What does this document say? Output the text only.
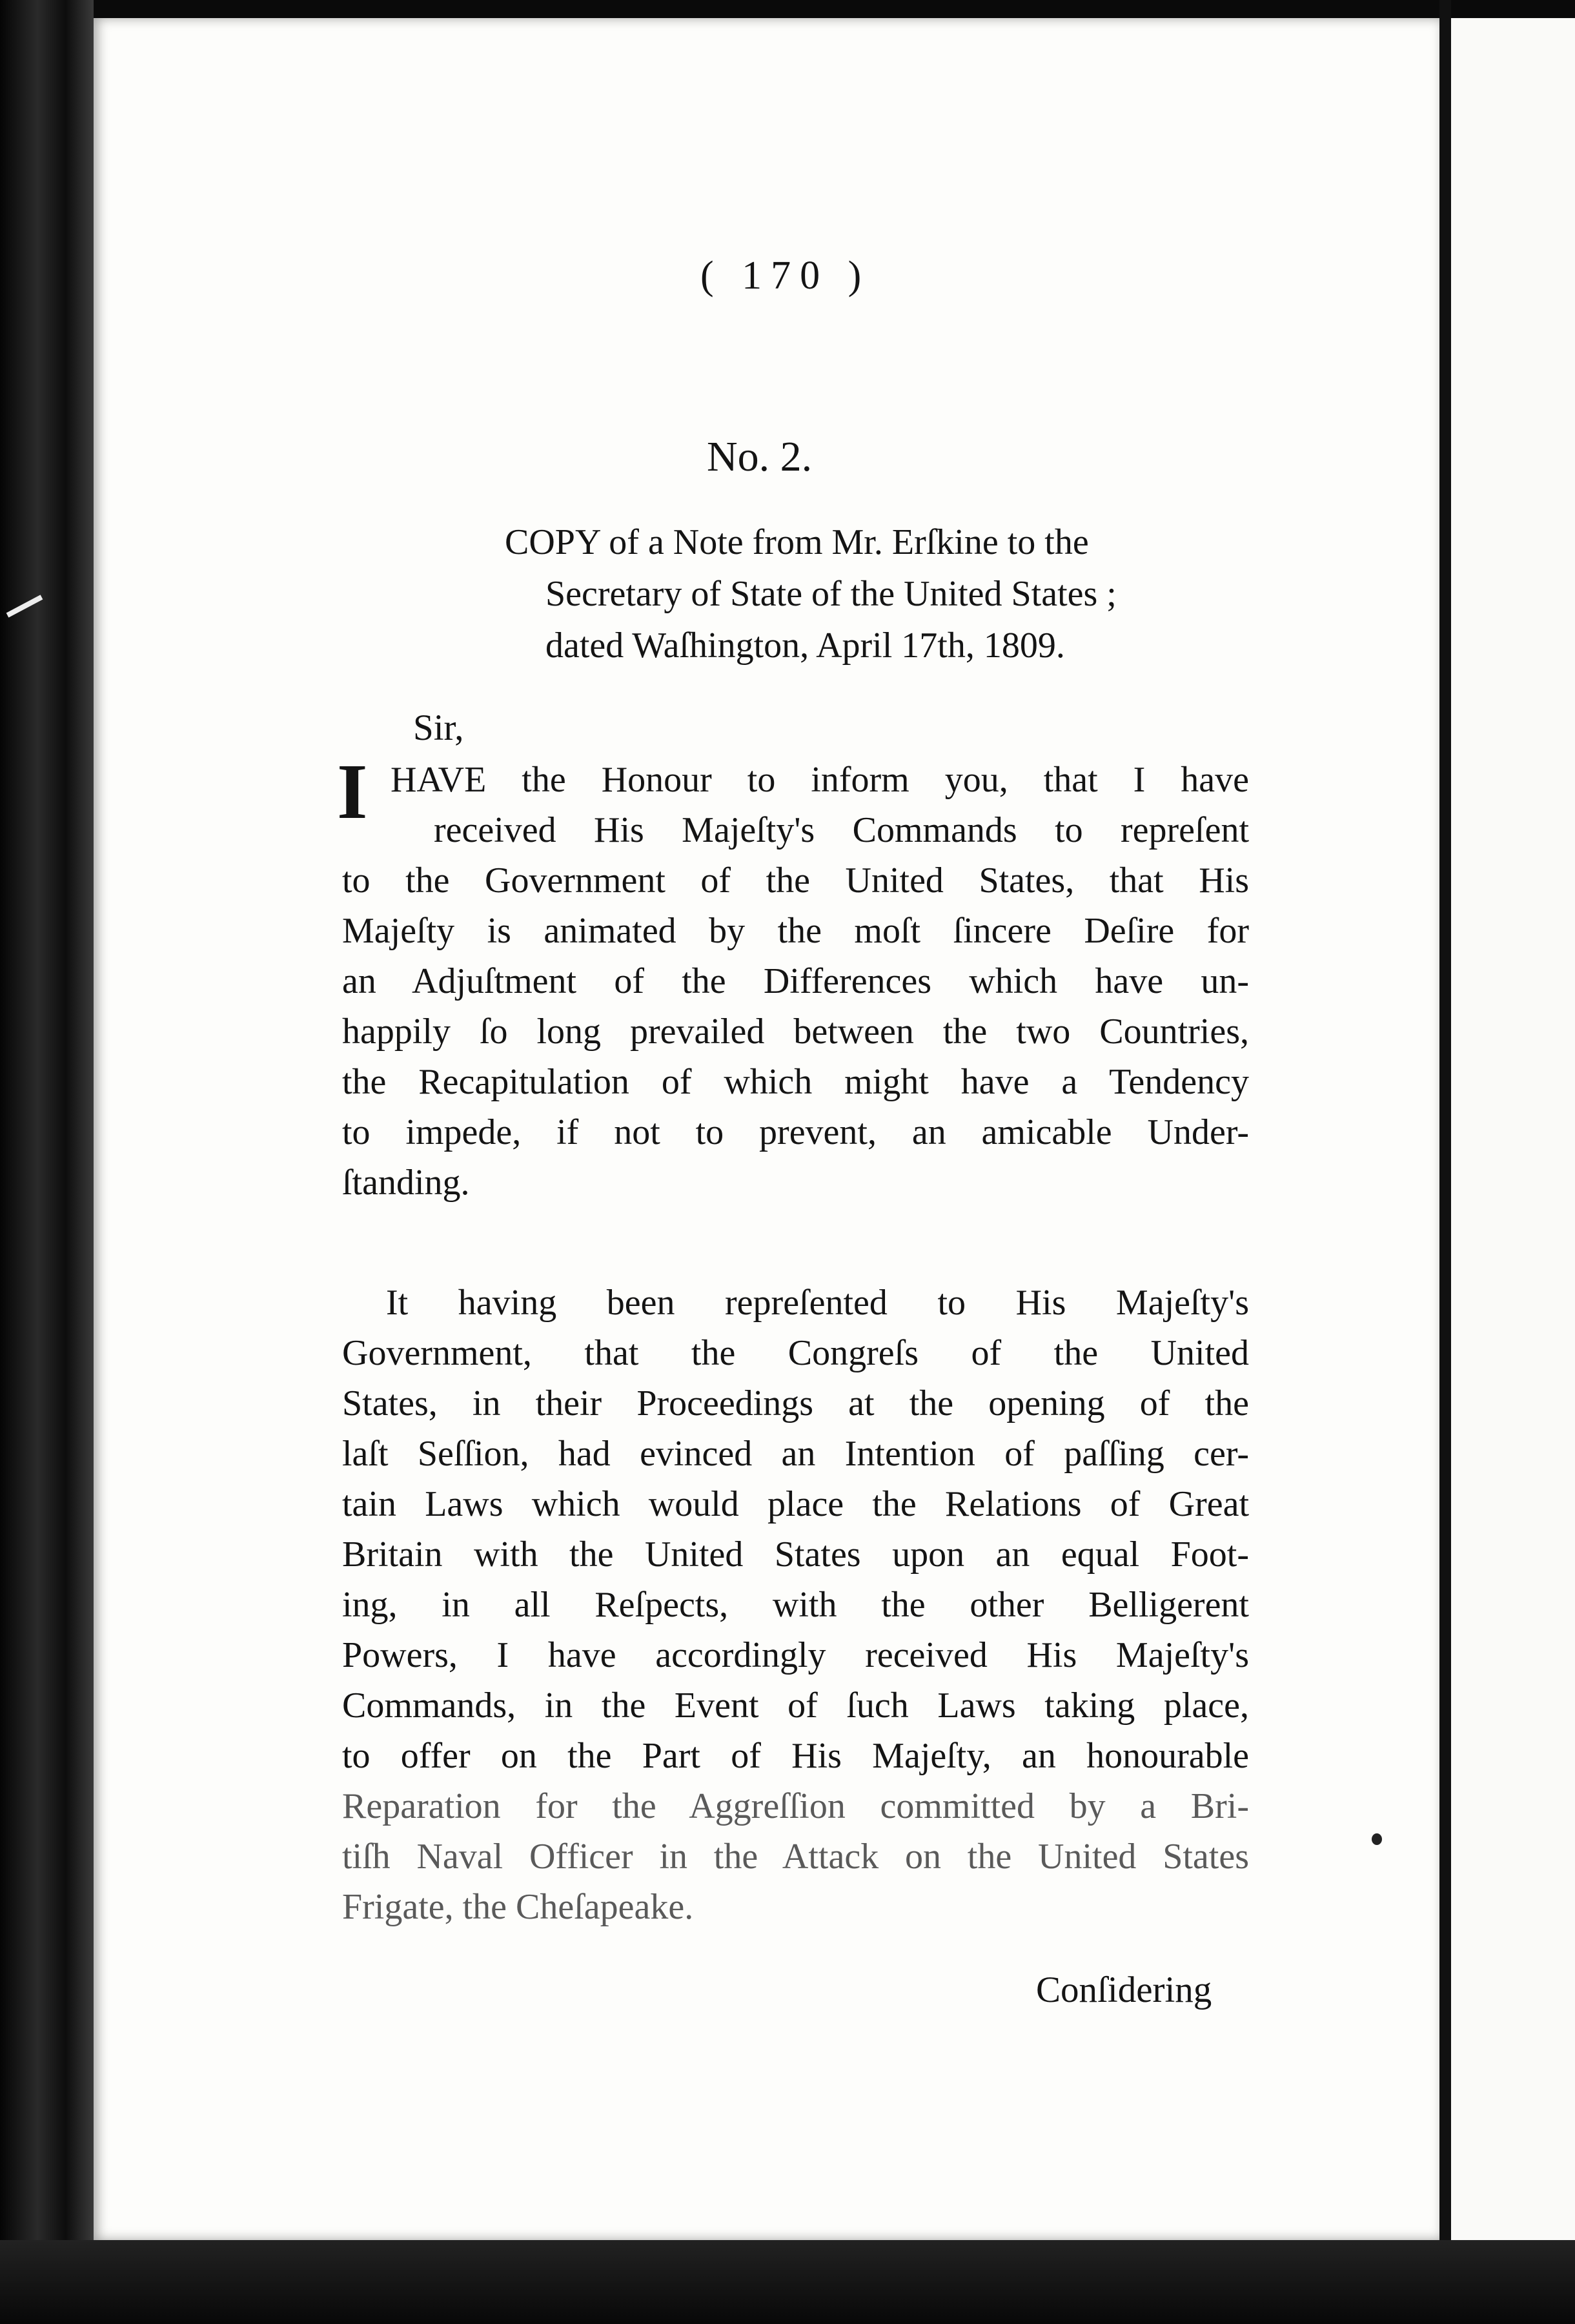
( 170 )
No. 2.
COPY of a Note from Mr. Erſkine to the
Secretary of State of the United States ;
dated Waſhington, April 17th, 1809.
Sir,
I HAVE the Honour to inform you, that I have
received His Majeſty's Commands to repreſent
to the Government of the United States, that His
Majeſty is animated by the moſt ſincere Deſire for
an Adjuſtment of the Differences which have un-
happily ſo long prevailed between the two Countries,
the Recapitulation of which might have a Tendency
to impede, if not to prevent, an amicable Under-
ſtanding.
It having been repreſented to His Majeſty's
Government, that the Congreſs of the United
States, in their Proceedings at the opening of the
laſt Seſſion, had evinced an Intention of paſſing cer-
tain Laws which would place the Relations of Great
Britain with the United States upon an equal Foot-
ing, in all Reſpects, with the other Belligerent
Powers, I have accordingly received His Majeſty's
Commands, in the Event of ſuch Laws taking place,
to offer on the Part of His Majeſty, an honourable
Reparation for the Aggreſſion committed by a Bri-
tiſh Naval Officer in the Attack on the United States
Frigate, the Cheſapeake.
Conſidering
